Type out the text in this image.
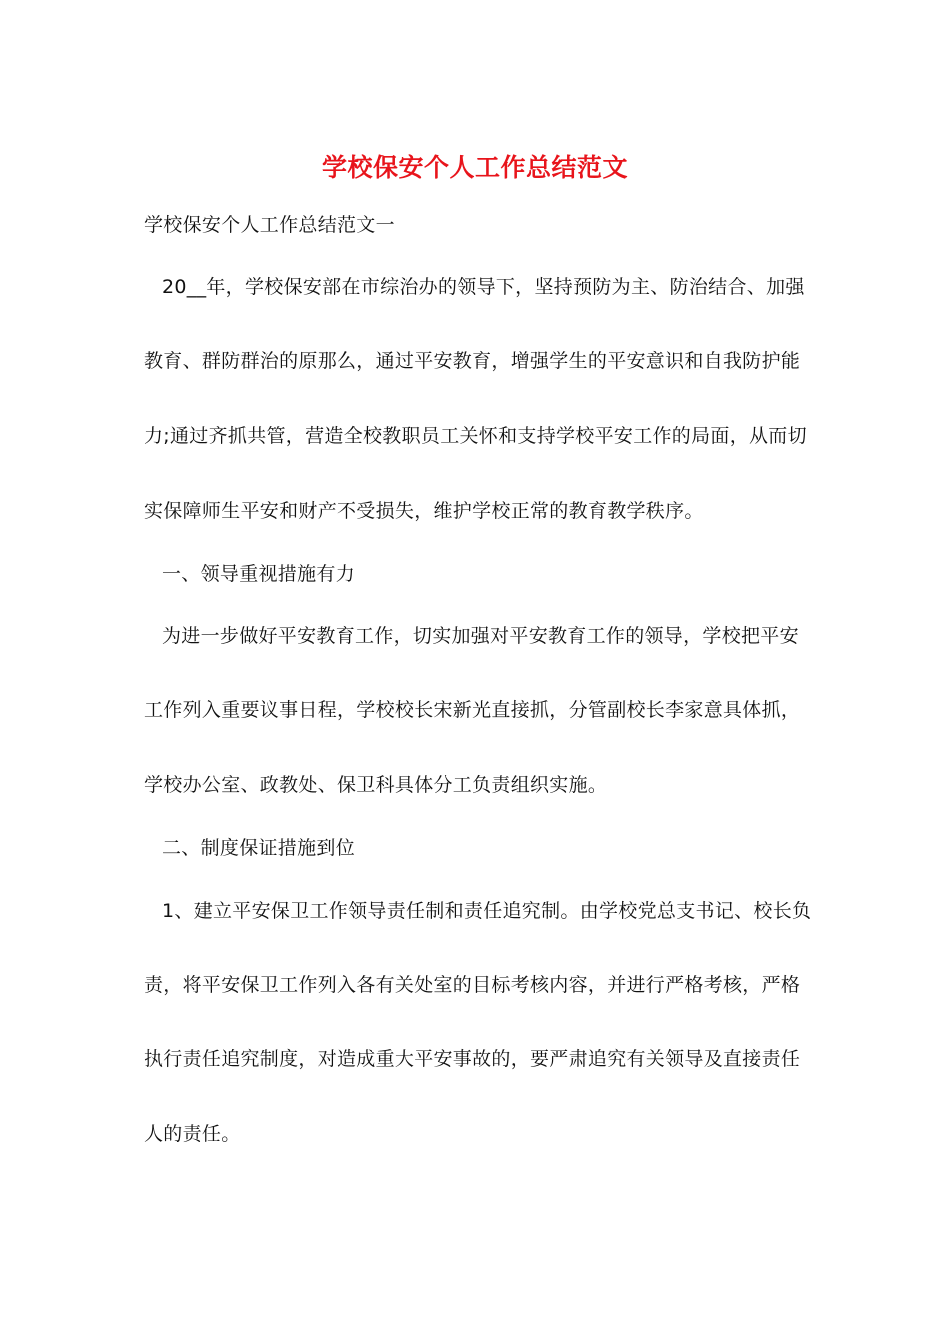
学校保安个人工作总结范文
学校保安个人工作总结范文一
20__年，学校保安部在市综治办的领导下，坚持预防为主、防治结合、加强
教育、群防群治的原那么，通过平安教育，增强学生的平安意识和自我防护能
力;通过齐抓共管，营造全校教职员工关怀和支持学校平安工作的局面，从而切
实保障师生平安和财产不受损失，维护学校正常的教育教学秩序。
一、领导重视措施有力
为进一步做好平安教育工作，切实加强对平安教育工作的领导，学校把平安
工作列入重要议事日程，学校校长宋新光直接抓，分管副校长李家意具体抓，
学校办公室、政教处、保卫科具体分工负责组织实施。
二、制度保证措施到位
1、建立平安保卫工作领导责任制和责任追究制。由学校党总支书记、校长负
责，将平安保卫工作列入各有关处室的目标考核内容，并进行严格考核，严格
执行责任追究制度，对造成重大平安事故的，要严肃追究有关领导及直接责任
人的责任。
